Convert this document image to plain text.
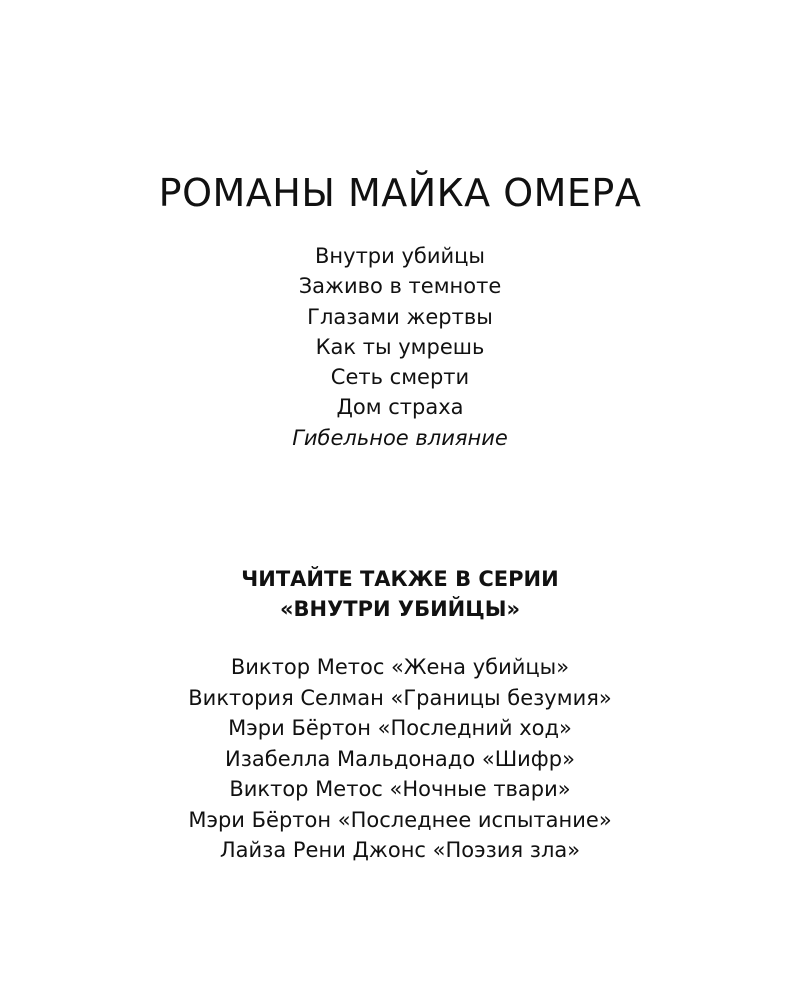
РОМАНЫ МАЙКА ОМЕРА
Внутри убийцы
Заживо в темноте
Глазами жертвы
Как ты умрешь
Сеть смерти
Дом страха
Гибельное влияние
ЧИТАЙТЕ ТАКЖЕ В СЕРИИ
«ВНУТРИ УБИЙЦЫ»
Виктор Метос «Жена убийцы»
Виктория Селман «Границы безумия»
Мэри Бёртон «Последний ход»
Изабелла Мальдонадо «Шифр»
Виктор Метос «Ночные твари»
Мэри Бёртон «Последнее испытание»
Лайза Рени Джонс «Поэзия зла»
